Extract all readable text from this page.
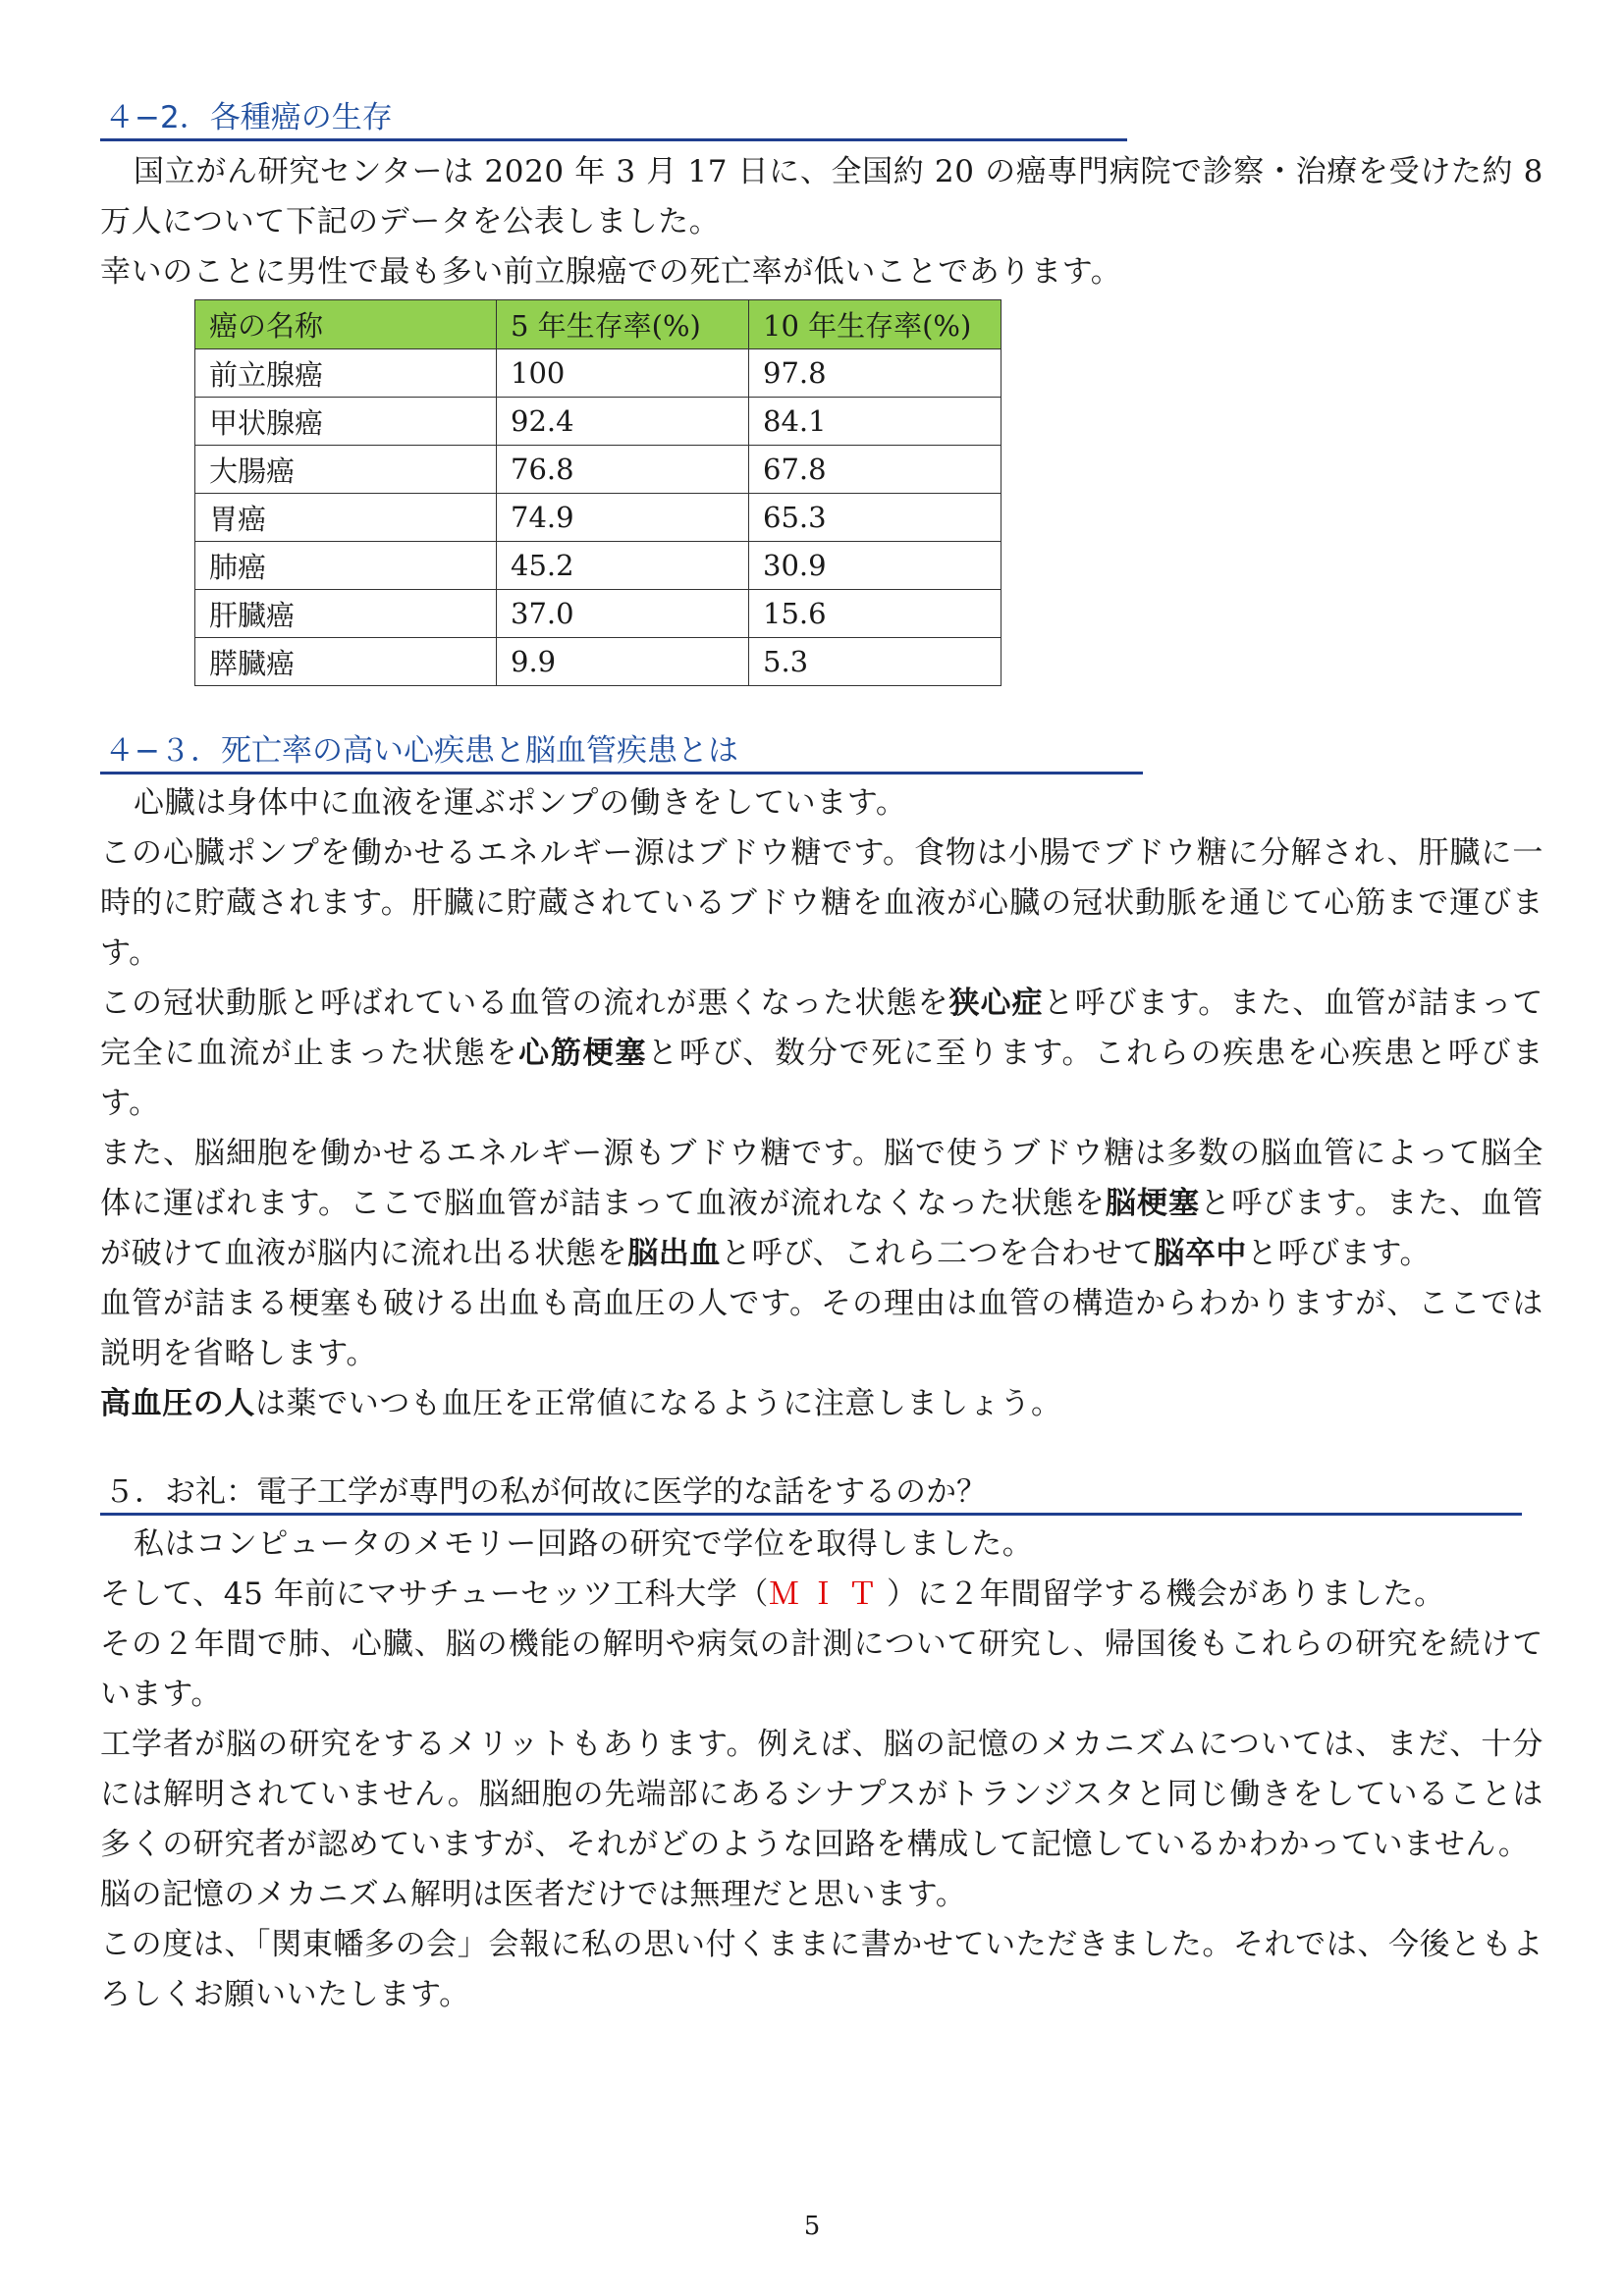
４−2．各種癌の生存

国立がん研究センターは 2020 年 3 月 17 日に、全国約 20 の癌専門病院で診察・治療を受けた約 8 万人について下記のデータを公表しました。

幸いのことに男性で最も多い前立腺癌での死亡率が低いことであります。

癌の名称	5 年生存率(%)	10 年生存率(%)
前立腺癌	100	97.8
甲状腺癌	92.4	84.1
大腸癌	76.8	67.8
胃癌	74.9	65.3
肺癌	45.2	30.9
肝臓癌	37.0	15.6
膵臓癌	9.9	5.3
４−３．死亡率の高い心疾患と脳血管疾患とは

心臓は身体中に血液を運ぶポンプの働きをしています。

この心臓ポンプを働かせるエネルギー源はブドウ糖です。食物は小腸でブドウ糖に分解され、肝臓に一時的に貯蔵されます。肝臓に貯蔵されているブドウ糖を血液が心臓の冠状動脈を通じて心筋まで運びます。

この冠状動脈と呼ばれている血管の流れが悪くなった状態を狭心症と呼びます。また、血管が詰まって完全に血流が止まった状態を心筋梗塞と呼び、数分で死に至ります。これらの疾患を心疾患と呼びます。

また、脳細胞を働かせるエネルギー源もブドウ糖です。脳で使うブドウ糖は多数の脳血管によって脳全体に運ばれます。ここで脳血管が詰まって血液が流れなくなった状態を脳梗塞と呼びます。また、血管が破けて血液が脳内に流れ出る状態を脳出血と呼び、これら二つを合わせて脳卒中と呼びます。

血管が詰まる梗塞も破ける出血も高血圧の人です。その理由は血管の構造からわかりますが、ここでは説明を省略します。

高血圧の人は薬でいつも血圧を正常値になるように注意しましょう。

５．お礼：電子工学が専門の私が何故に医学的な話をするのか？

私はコンピュータのメモリー回路の研究で学位を取得しました。

そして、45 年前にマサチューセッツ工科大学（ＭＩＴ）に２年間留学する機会がありました。

その２年間で肺、心臓、脳の機能の解明や病気の計測について研究し、帰国後もこれらの研究を続けています。

工学者が脳の研究をするメリットもあります。例えば、脳の記憶のメカニズムについては、まだ、十分には解明されていません。脳細胞の先端部にあるシナプスがトランジスタと同じ働きをしていることは多くの研究者が認めていますが、それがどのような回路を構成して記憶しているかわかっていません。

脳の記憶のメカニズム解明は医者だけでは無理だと思います。

この度は、「関東幡多の会」会報に私の思い付くままに書かせていただきました。それでは、今後ともよろしくお願いいたします。

5
